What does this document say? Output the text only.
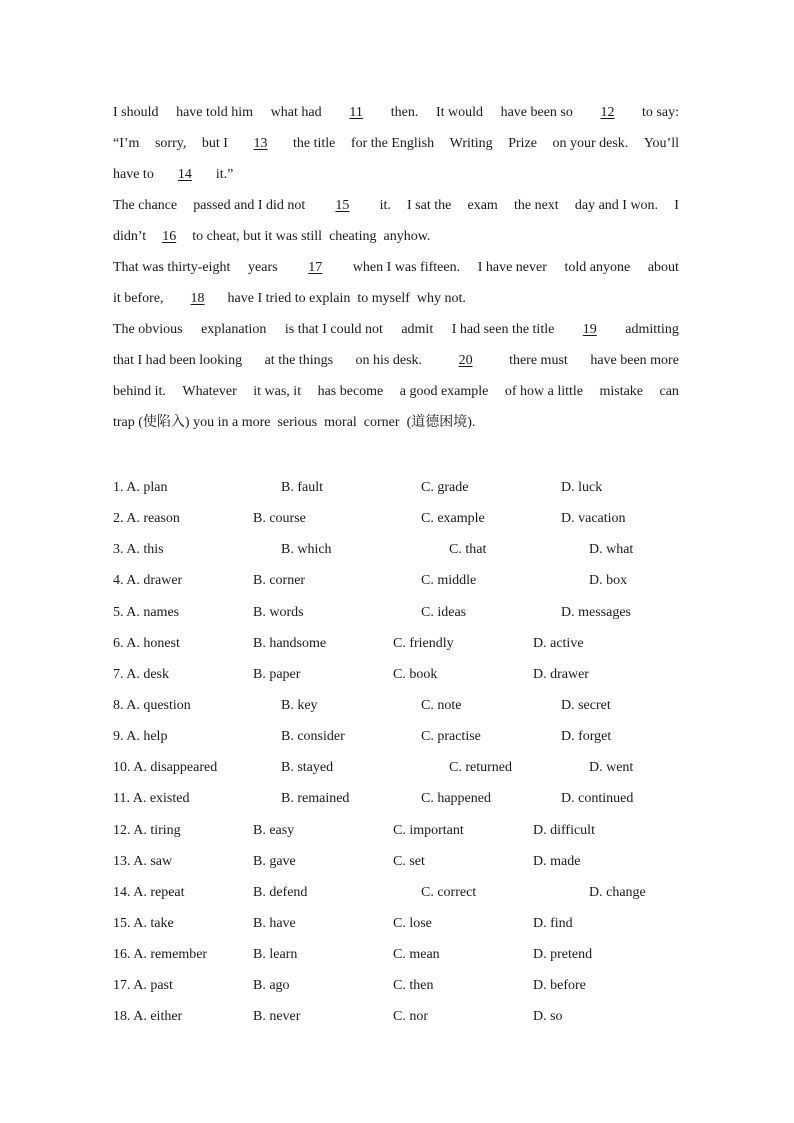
I should have told him what had	11	then. It would have been so	12	to say:
“I’m sorry, but I	13	the title for the English Writing Prize on your desk. You’ll
have to	14	it.”
The chance passed and I did not	15	it. I sat the exam the next day and I won. I
didn’t	16	to cheat, but it was still cheating anyhow.
That was thirty-eight years	17	when I was fifteen. I have never told anyone about
it before,	18	have I tried to explain to myself why not.
The obvious explanation is that I could not admit I had seen the title	19	admitting
that I had been looking at the things on his desk.	20	there must have been more
behind it. Whatever it was, it has become a good example of how a little mistake can
trap (使陷入) you in a more serious moral corner (道德困境).
1. A. plan	B. fault	C. grade	D. luck
2. A. reason	B. course	C. example	D. vacation
3. A. this	B. which	C. that	D. what
4. A. drawer	B. corner	C. middle	D. box
5. A. names	B. words	C. ideas	D. messages
6. A. honest	B. handsome	C. friendly	D. active
7. A. desk	B. paper	C. book	D. drawer
8. A. question	B. key	C. note	D. secret
9. A. help	B. consider	C. practise	D. forget
10. A. disappeared	B. stayed	C. returned	D. went
11. A. existed	B. remained	C. happened	D. continued
12. A. tiring	B. easy	C. important	D. difficult
13. A. saw	B. gave	C. set	D. made
14. A. repeat	B. defend	C. correct	D. change
15. A. take	B. have	C. lose	D. find
16. A. remember	B. learn	C. mean	D. pretend
17. A. past	B. ago	C. then	D. before
18. A. either	B. never	C. nor	D. so
